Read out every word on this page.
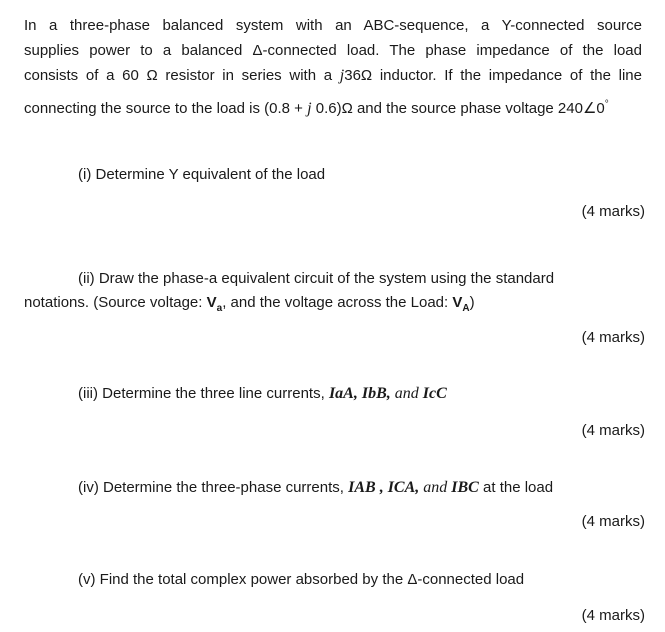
In a three-phase balanced system with an ABC-sequence, a Y-connected source
supplies power to a balanced Δ-connected load. The phase impedance of the load
consists of a 60 Ω resistor in series with a j36Ω inductor. If the impedance of the line
connecting the source to the load is (0.8 + j 0.6)Ω and the source phase voltage 240∠0°
(i) Determine Y equivalent of the load
(4 marks)
(ii) Draw the phase-a equivalent circuit of the system using the standard
notations. (Source voltage: $V_a$, and the voltage across the Load: $V_A$)
(4 marks)
(iii) Determine the three line currents, IaA, IbB, and IcC
(4 marks)
(iv) Determine the three-phase currents, IAB , ICA, and IBC at the load
(4 marks)
(v) Find the total complex power absorbed by the Δ-connected load
(4 marks)
